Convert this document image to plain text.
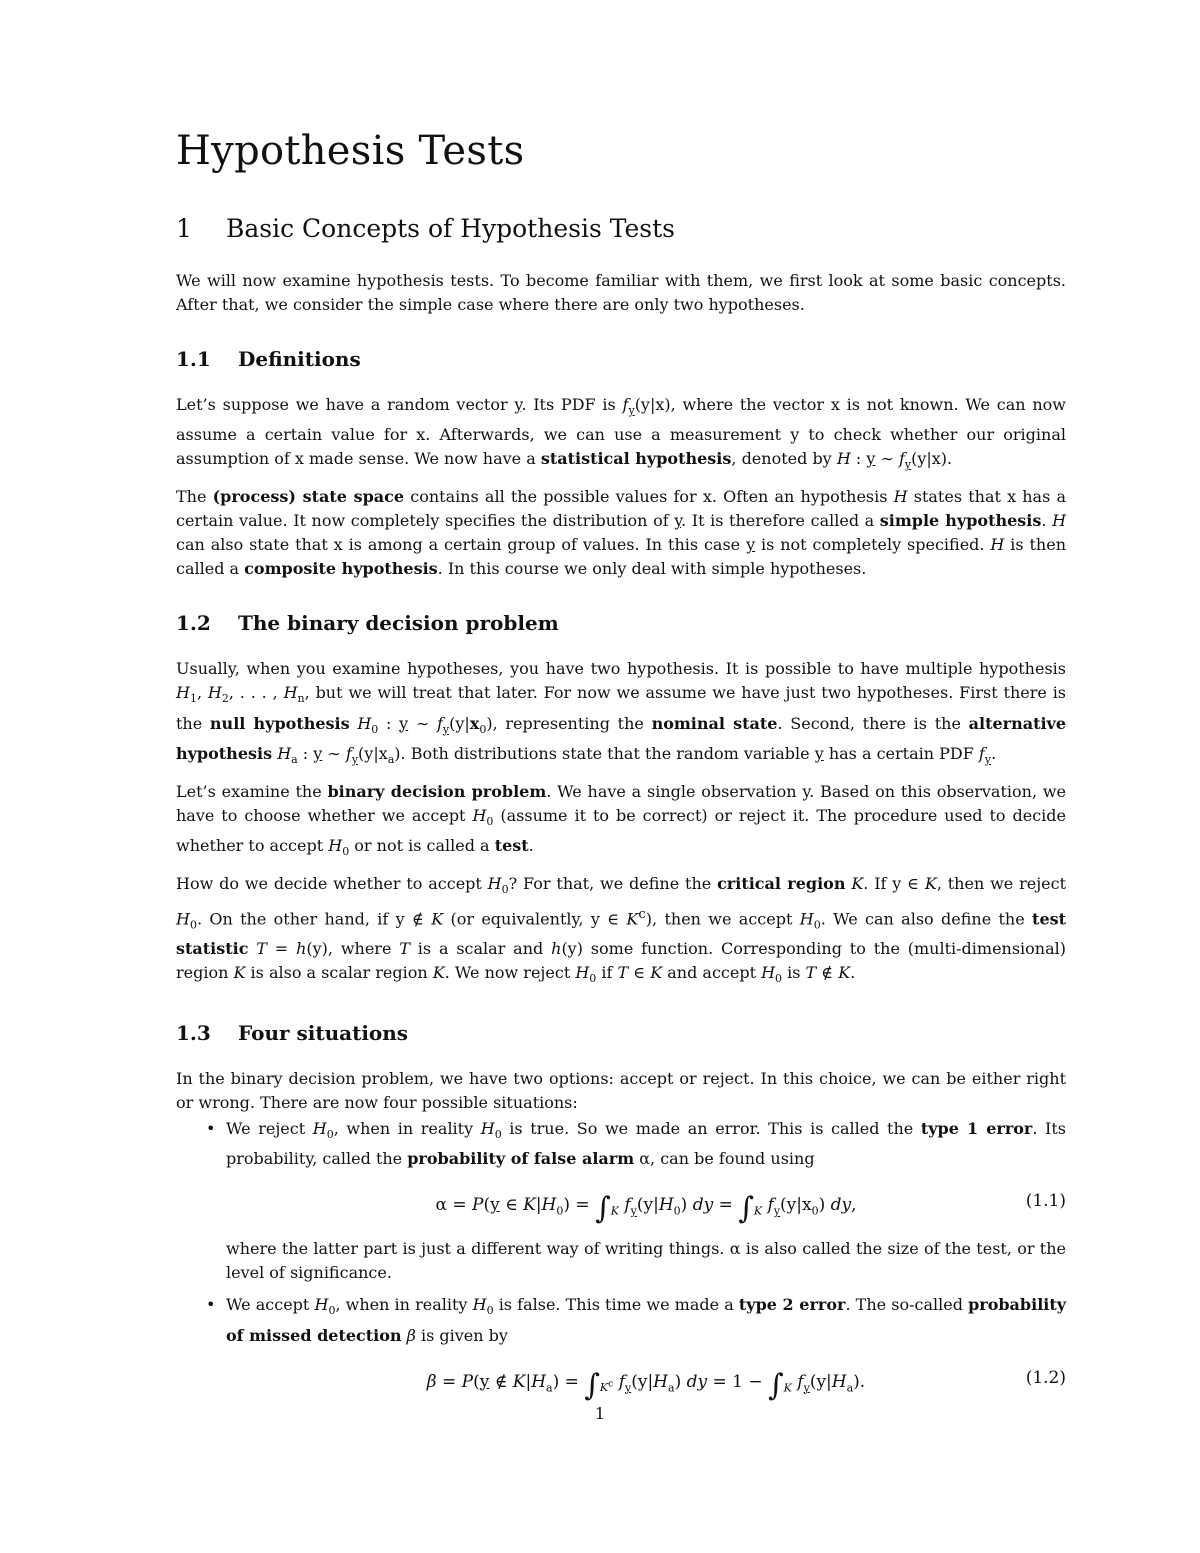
Hypothesis Tests
1 Basic Concepts of Hypothesis Tests

We will now examine hypothesis tests. To become familiar with them, we first look at some basic concepts. After that, we consider the simple case where there are only two hypotheses.

1.1 Definitions

Let’s suppose we have a random vector y. Its PDF is $f_y(y|x)$, where the vector x is not known. We can now assume a certain value for x. Afterwards, we can use a measurement y to check whether our original assumption of x made sense. We now have a statistical hypothesis, denoted by H : y ∼ $f_y(y|x)$.

The (process) state space contains all the possible values for x. Often an hypothesis H states that x has a certain value. It now completely specifies the distribution of y. It is therefore called a simple hypothesis. H can also state that x is among a certain group of values. In this case y is not completely specified. H is then called a composite hypothesis. In this course we only deal with simple hypotheses.

1.2 The binary decision problem

Usually, when you examine hypotheses, you have two hypothesis. It is possible to have multiple hypothesis $H_1$, $H_2$, . . . , $H_n$, but we will treat that later. For now we assume we have just two hypotheses. First there is the null hypothesis $H_0$ : y ∼ $f_y(y|x_0)$, representing the nominal state. Second, there is the alternative hypothesis $H_a$ : y ∼ $f_y(y|x_a)$. Both distributions state that the random variable y has a certain PDF $f_y$.

Let’s examine the binary decision problem. We have a single observation y. Based on this observation, we have to choose whether we accept $H_0$ (assume it to be correct) or reject it. The procedure used to decide whether to accept $H_0$ or not is called a test.

How do we decide whether to accept $H_0$? For that, we define the critical region K. If y ∈ K, then we reject $H_0$. On the other hand, if y ∉ K (or equivalently, y ∈ $K^c$), then we accept $H_0$. We can also define the test statistic T = h(y), where T is a scalar and h(y) some function. Corresponding to the (multi-dimensional) region K is also a scalar region K. We now reject $H_0$ if T ∈ K and accept $H_0$ is T ∉ K.

1.3 Four situations

In the binary decision problem, we have two options: accept or reject. In this choice, we can be either right or wrong. There are now four possible situations:

• We reject $H_0$, when in reality $H_0$ is true. So we made an error. This is called the type 1 error. Its probability, called the probability of false alarm α, can be found using

α = P(y ∈ $K|H_0) = \int_K$ $f_y(y|H_0)$ dy = $\int_K$ $f_y(y|x_0)$ dy,	(1.1)

where the latter part is just a different way of writing things. α is also called the size of the test, or the level of significance.

• We accept $H_0$, when in reality $H_0$ is false. This time we made a type 2 error. The so-called probability of missed detection β is given by

β = P(y ∉ $K|H_a) = \int_{K^c}$ $f_y(y|H_a)$ dy = $1 - \int_K$ $f_y(y|H_a)$.	(1.2)
1
